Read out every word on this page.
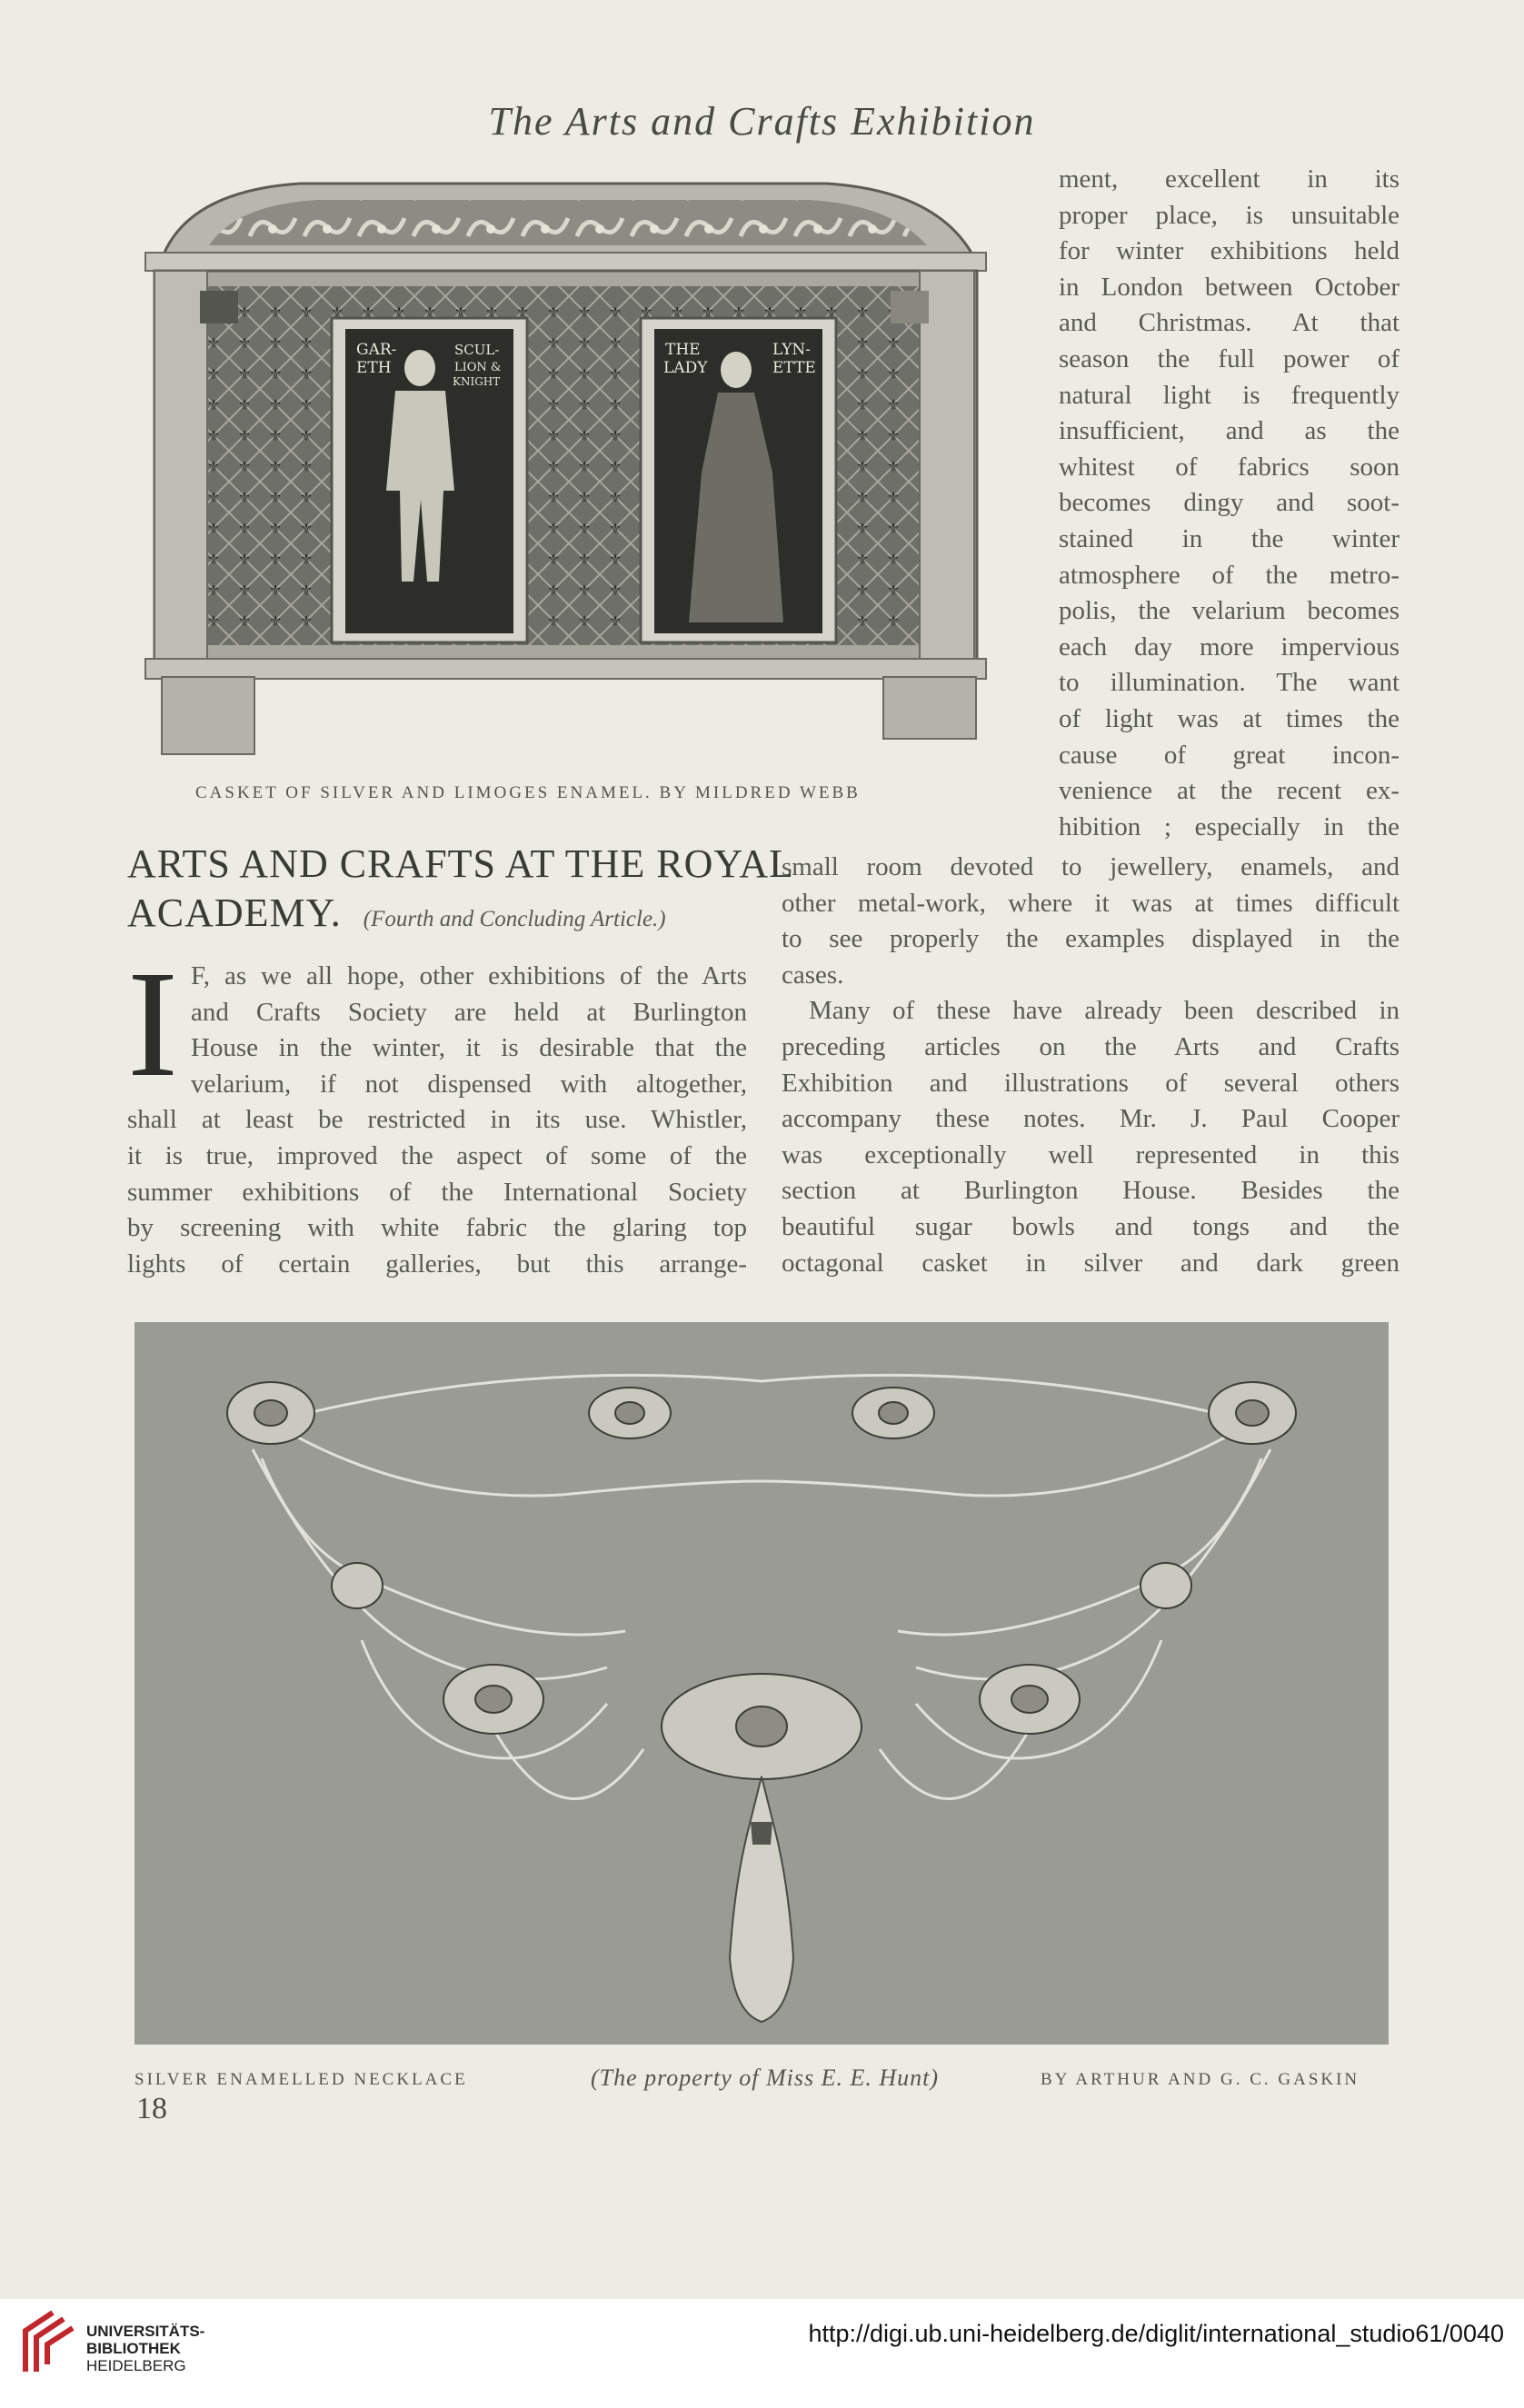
The Arts and Crafts Exhibition
GAR-
ETH
SCUL-
LION &
KNIGHT
THE
LADY
LYN-
ETTE
CASKET OF SILVER AND LIMOGES ENAMEL. BY MILDRED WEBB

ment, excellent in its

proper place, is unsuitable

for winter exhibitions held

in London between October

and Christmas. At that

season the full power of

natural light is frequently

insufficient, and as the

whitest of fabrics soon

becomes dingy and soot-

stained in the winter

atmosphere of the metro-

polis, the velarium becomes

each day more impervious

to illumination. The want

of light was at times the

cause of great incon-

venience at the recent ex-

hibition ; especially in the

ARTS AND CRAFTS AT THE ROYAL
ACADEMY. (Fourth and Concluding Article.)
I F, as we all hope, other exhibitions of the Arts

and Crafts Society are held at Burlington

House in the winter, it is desirable that the

velarium, if not dispensed with altogether,

shall at least be restricted in its use. Whistler,

it is true, improved the aspect of some of the

summer exhibitions of the International Society

by screening with white fabric the glaring top

lights of certain galleries, but this arrange-

small room devoted to jewellery, enamels, and

other metal-work, where it was at times difficult

to see properly the examples displayed in the

cases.

Many of these have already been described in

preceding articles on the Arts and Crafts

Exhibition and illustrations of several others

accompany these notes. Mr. J. Paul Cooper

was exceptionally well represented in this

section at Burlington House. Besides the

beautiful sugar bowls and tongs and the

octagonal casket in silver and dark green

SILVER ENAMELLED NECKLACE	(The property of Miss E. E. Hunt)	BY ARTHUR AND G. C. GASKIN
18
UNIVERSITÄTS-
BIBLIOTHEK
HEIDELBERG
http://digi.ub.uni-heidelberg.de/diglit/international_studio61/0040
